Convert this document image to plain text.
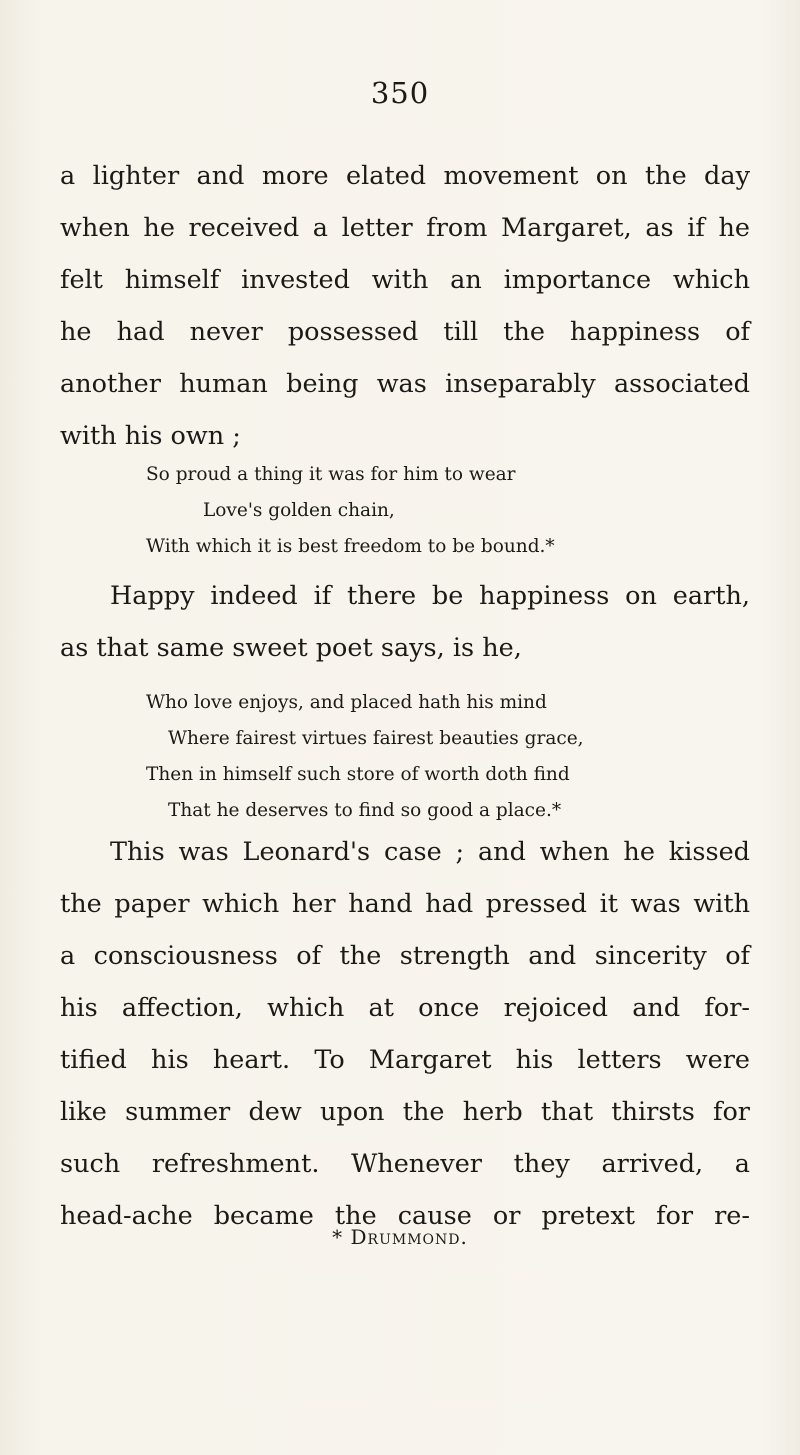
350
a lighter and more elated movement on the day
when he received a letter from Margaret, as if he
felt himself invested with an importance which
he had never possessed till the happiness of
another human being was inseparably associated
with his own ;
So proud a thing it was for him to wear
Love's golden chain,
With which it is best freedom to be bound.*
Happy indeed if there be happiness on earth,
as that same sweet poet says, is he,
Who love enjoys, and placed hath his mind
Where fairest virtues fairest beauties grace,
Then in himself such store of worth doth find
That he deserves to find so good a place.*
This was Leonard's case ; and when he kissed
the paper which her hand had pressed it was with
a consciousness of the strength and sincerity of
his affection, which at once rejoiced and for-
tified his heart. To Margaret his letters were
like summer dew upon the herb that thirsts for
such refreshment. Whenever they arrived, a
head-ache became the cause or pretext for re-
* Drummond.
